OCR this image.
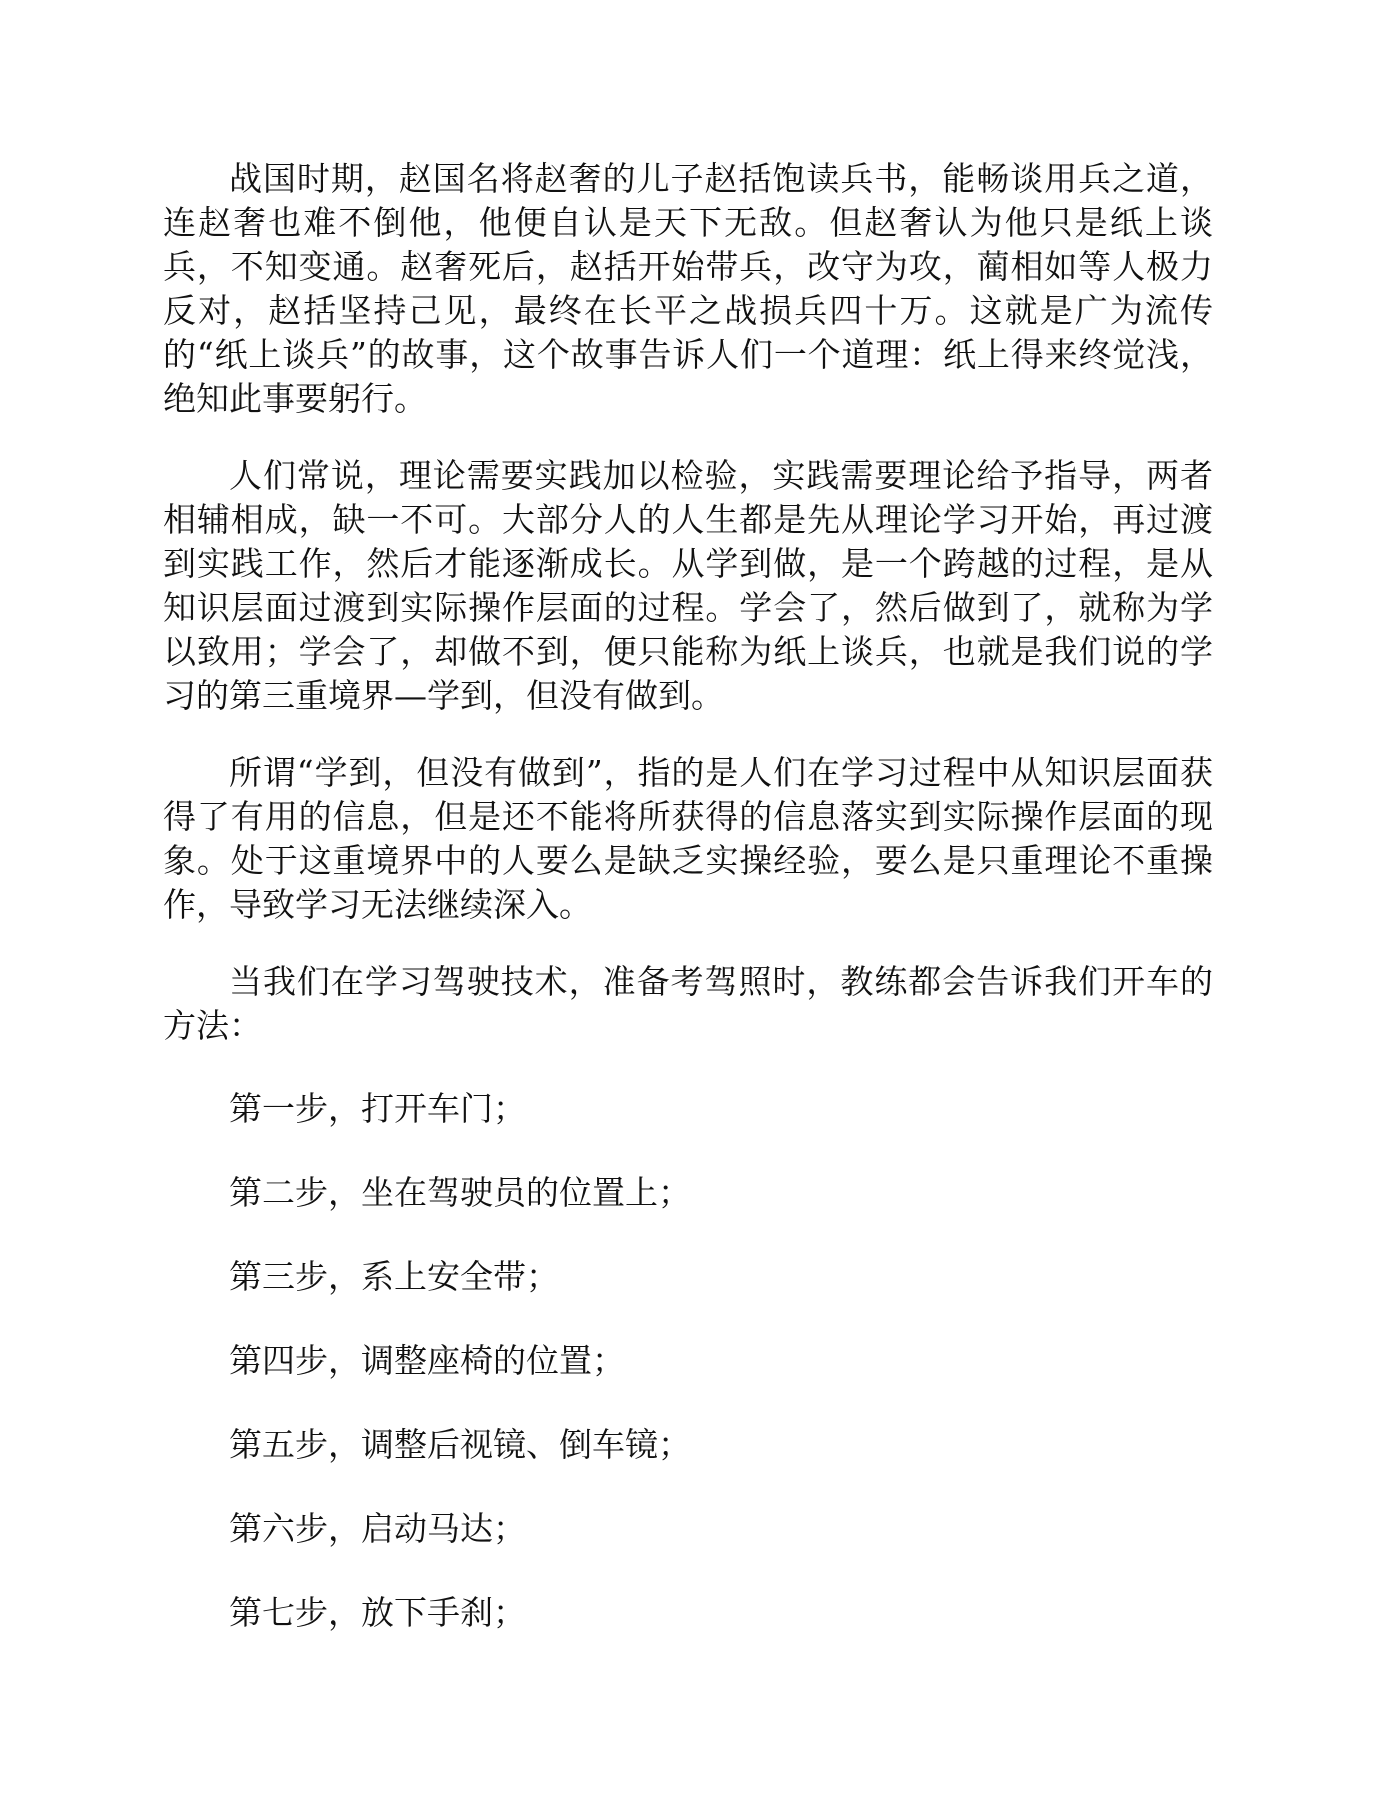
战国时期，赵国名将赵奢的儿子赵括饱读兵书，能畅谈用兵之道，连赵奢也难不倒他，他便自认是天下无敌。但赵奢认为他只是纸上谈兵，不知变通。赵奢死后，赵括开始带兵，改守为攻，蔺相如等人极力反对，赵括坚持己见，最终在长平之战损兵四十万。这就是广为流传的“纸上谈兵”的故事，这个故事告诉人们一个道理：纸上得来终觉浅，绝知此事要躬行。

人们常说，理论需要实践加以检验，实践需要理论给予指导，两者相辅相成，缺一不可。大部分人的人生都是先从理论学习开始，再过渡到实践工作，然后才能逐渐成长。从学到做，是一个跨越的过程，是从知识层面过渡到实际操作层面的过程。学会了，然后做到了，就称为学以致用；学会了，却做不到，便只能称为纸上谈兵，也就是我们说的学习的第三重境界—学到，但没有做到。

所谓“学到，但没有做到”，指的是人们在学习过程中从知识层面获得了有用的信息，但是还不能将所获得的信息落实到实际操作层面的现象。处于这重境界中的人要么是缺乏实操经验，要么是只重理论不重操作，导致学习无法继续深入。

当我们在学习驾驶技术，准备考驾照时，教练都会告诉我们开车的方法：

第一步，打开车门；

第二步，坐在驾驶员的位置上；

第三步，系上安全带；

第四步，调整座椅的位置；

第五步，调整后视镜、倒车镜；

第六步，启动马达；

第七步，放下手刹；
